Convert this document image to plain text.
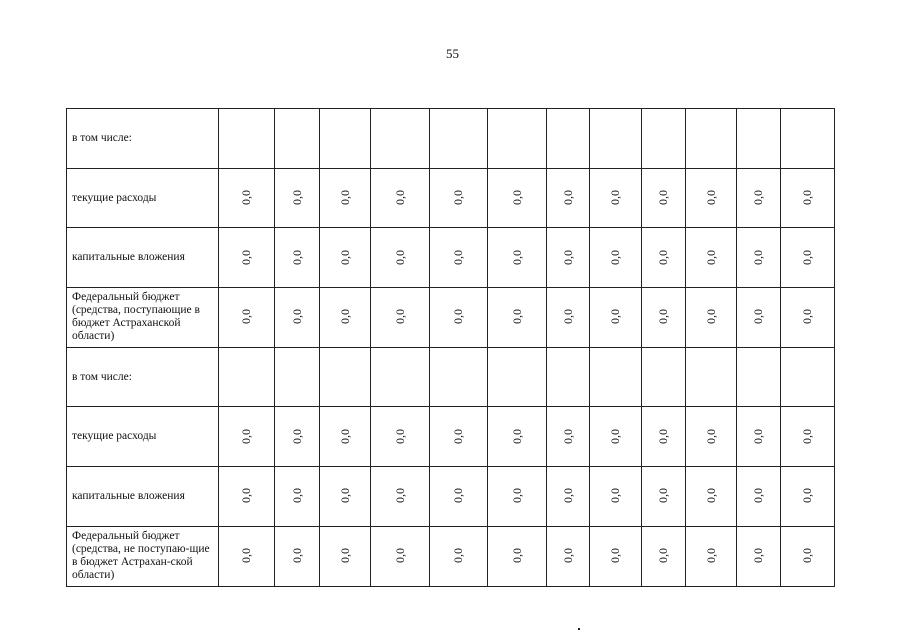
55
в том числе:												
текущие расходы	0,0	0,0	0,0	0,0	0,0	0,0	0,0	0,0	0,0	0,0	0,0	0,0
капитальные вложения	0,0	0,0	0,0	0,0	0,0	0,0	0,0	0,0	0,0	0,0	0,0	0,0
Федеральный бюджет (средства, поступающие в бюджет Астраханской области)	0,0	0,0	0,0	0,0	0,0	0,0	0,0	0,0	0,0	0,0	0,0	0,0
в том числе:												
текущие расходы	0,0	0,0	0,0	0,0	0,0	0,0	0,0	0,0	0,0	0,0	0,0	0,0
капитальные вложения	0,0	0,0	0,0	0,0	0,0	0,0	0,0	0,0	0,0	0,0	0,0	0,0
Федеральный бюджет (средства, не поступаю-щие в бюджет Астрахан-ской области)	0,0	0,0	0,0	0,0	0,0	0,0	0,0	0,0	0,0	0,0	0,0	0,0
